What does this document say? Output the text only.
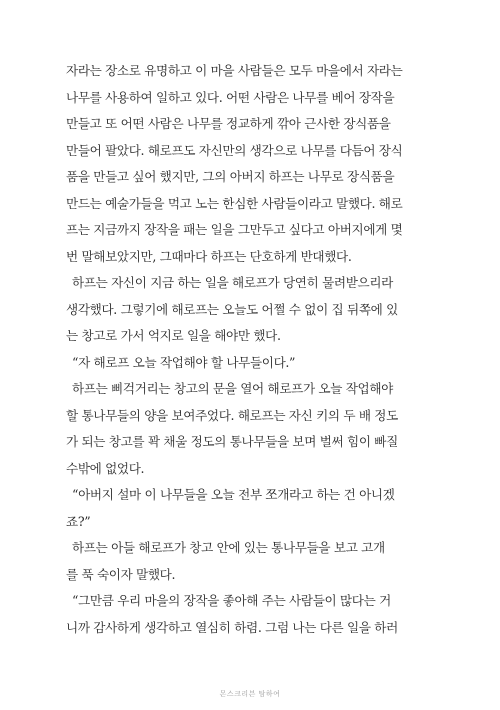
자라는 장소로 유명하고 이 마을 사람들은 모두 마을에서 자라는
나무를 사용하여 일하고 있다. 어떤 사람은 나무를 베어 장작을
만들고 또 어떤 사람은 나무를 정교하게 깎아 근사한 장식품을
만들어 팔았다. 해로프도 자신만의 생각으로 나무를 다듬어 장식
품을 만들고 싶어 했지만, 그의 아버지 하프는 나무로 장식품을
만드는 예술가들을 먹고 노는 한심한 사람들이라고 말했다. 해로
프는 지금까지 장작을 패는 일을 그만두고 싶다고 아버지에게 몇
번 말해보았지만, 그때마다 하프는 단호하게 반대했다.
하프는 자신이 지금 하는 일을 해로프가 당연히 물려받으리라
생각했다. 그렇기에 해로프는 오늘도 어쩔 수 없이 집 뒤쪽에 있
는 창고로 가서 억지로 일을 해야만 했다.
“자 해로프 오늘 작업해야 할 나무들이다.”
하프는 삐걱거리는 창고의 문을 열어 해로프가 오늘 작업해야
할 통나무들의 양을 보여주었다. 해로프는 자신 키의 두 배 정도
가 되는 창고를 꽉 채울 정도의 통나무들을 보며 벌써 힘이 빠질
수밖에 없었다.
“아버지 설마 이 나무들을 오늘 전부 쪼개라고 하는 건 아니겠
죠?”
하프는 아들 해로프가 창고 안에 있는 통나무들을 보고 고개
를 푹 숙이자 말했다.
“그만큼 우리 마을의 장작을 좋아해 주는 사람들이 많다는 거
니까 감사하게 생각하고 열심히 하렴. 그럼 나는 다른 일을 하러
몬스크리븐 탐하여
